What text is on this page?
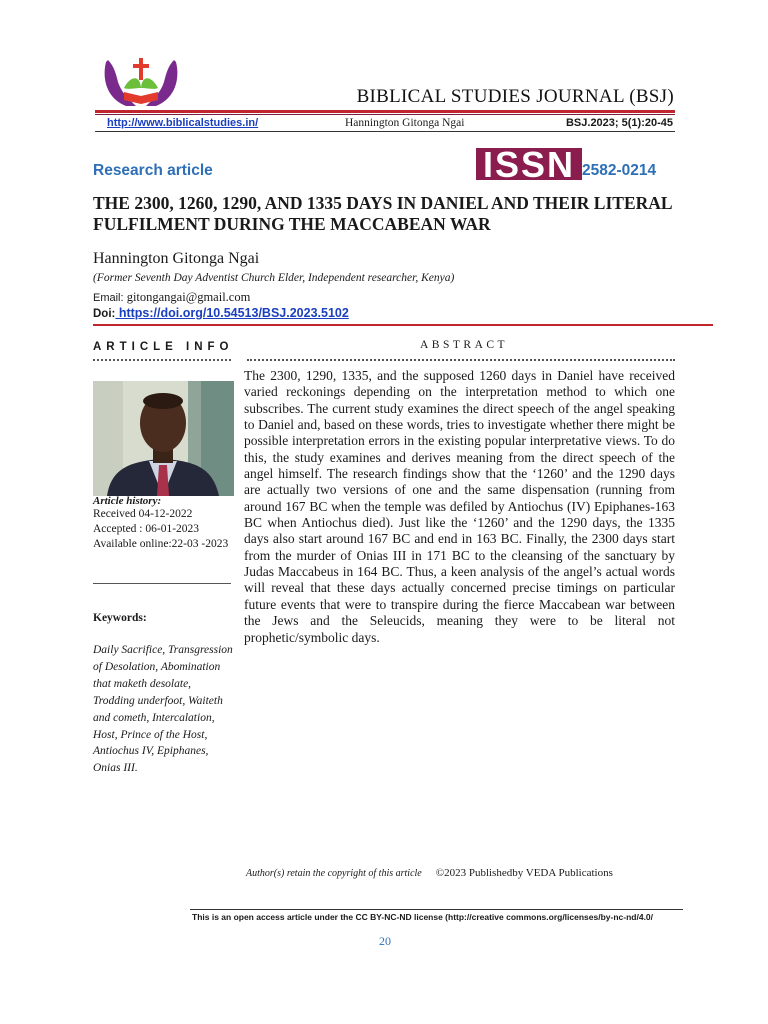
BIBLICAL STUDIES JOURNAL (BSJ)
http://www.biblicalstudies.in/	Hannington Gitonga Ngai	BSJ.2023; 5(1):20-45
Research article	ISSN 2582-0214
THE 2300, 1260, 1290, AND 1335 DAYS IN DANIEL AND THEIR LITERAL FULFILMENT DURING THE MACCABEAN WAR
Hannington Gitonga Ngai
(Former Seventh Day Adventist Church Elder, Independent researcher, Kenya)
Email: gitongangai@gmail.com
Doi: https://doi.org/10.54513/BSJ.2023.5102
ARTICLE INFO	ABSTRACT
Article history:
Received 04-12-2022
Accepted : 06-01-2023
Available online:22-03 -2023
Keywords:
Daily Sacrifice, Transgression of Desolation, Abomination that maketh desolate, Trodding underfoot, Waiteth and cometh, Intercalation, Host, Prince of the Host, Antiochus IV, Epiphanes, Onias III.
The 2300, 1290, 1335, and the supposed 1260 days in Daniel have received varied reckonings depending on the interpretation method to which one subscribes. The current study examines the direct speech of the angel speaking to Daniel and, based on these words, tries to investigate whether there might be possible interpretation errors in the existing popular interpretative views. To do this, the study examines and derives meaning from the direct speech of the angel himself. The research findings show that the ‘1260’ and the 1290 days are actually two versions of one and the same dispensation (running from around 167 BC when the temple was defiled by Antiochus (IV) Epiphanes-163 BC when Antiochus died). Just like the ‘1260’ and the 1290 days, the 1335 days also start around 167 BC and end in 163 BC. Finally, the 2300 days start from the murder of Onias III in 171 BC to the cleansing of the sanctuary by Judas Maccabeus in 164 BC. Thus, a keen analysis of the angel’s actual words will reveal that these days actually concerned precise timings on particular future events that were to transpire during the fierce Maccabean war between the Jews and the Seleucids, meaning they were to be literal not prophetic/symbolic days.
Author(s) retain the copyright of this article ©2023 Publishedby VEDA Publications
This is an open access article under the CC BY-NC-ND license (http://creative commons.org/licenses/by-nc-nd/4.0/
20
